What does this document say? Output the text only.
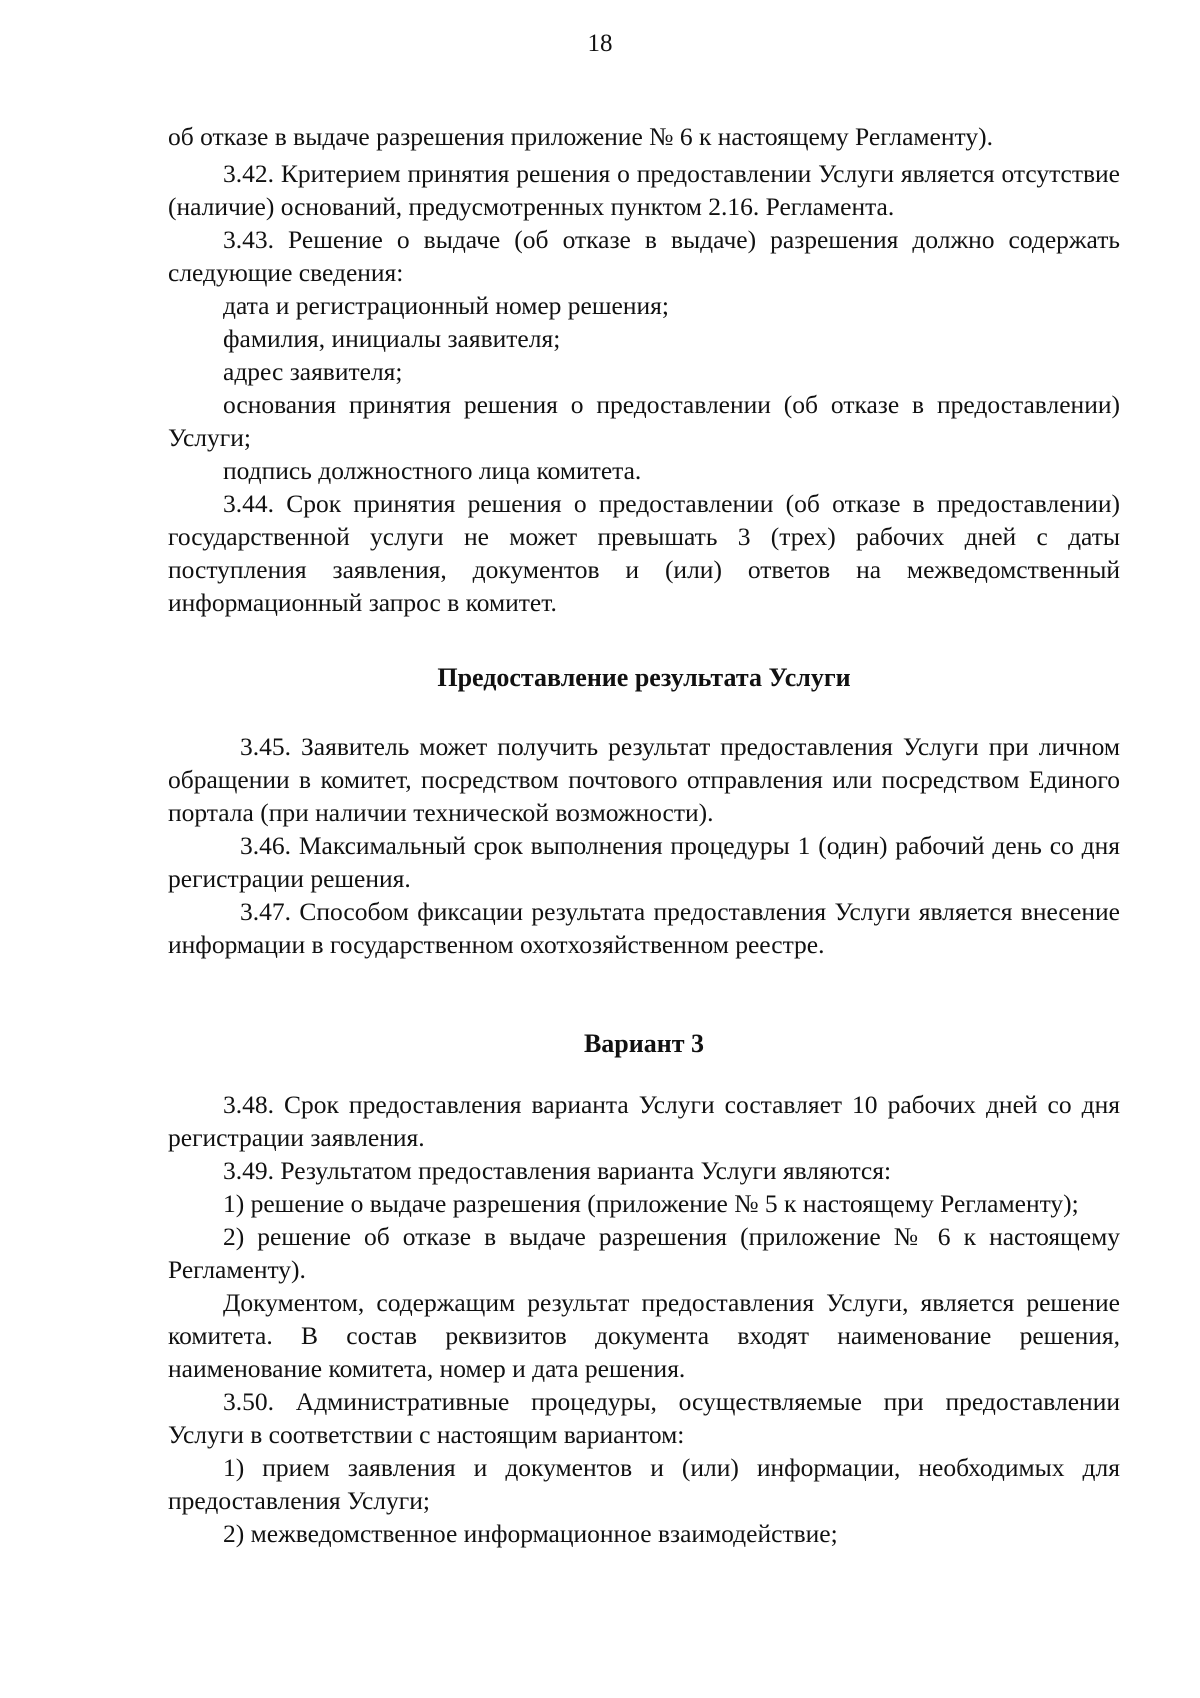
18

об отказе в выдаче разрешения приложение № 6 к настоящему Регламенту).

3.42. Критерием принятия решения о предоставлении Услуги является отсутствие (наличие) оснований, предусмотренных пунктом 2.16. Регламента.

3.43. Решение о выдаче (об отказе в выдаче) разрешения должно содержать следующие сведения:

дата и регистрационный номер решения;

фамилия, инициалы заявителя;

адрес заявителя;

основания принятия решения о предоставлении (об отказе в предоставлении) Услуги;

подпись должностного лица комитета.

3.44. Срок принятия решения о предоставлении (об отказе в предоставлении) государственной услуги не может превышать 3 (трех) рабочих дней с даты поступления заявления, документов и (или) ответов на межведомственный информационный запрос в комитет.

Предоставление результата Услуги

3.45. Заявитель может получить результат предоставления Услуги при личном обращении в комитет, посредством почтового отправления или посредством Единого портала (при наличии технической возможности).

3.46. Максимальный срок выполнения процедуры 1 (один) рабочий день со дня регистрации решения.

3.47. Способом фиксации результата предоставления Услуги является внесение информации в государственном охотхозяйственном реестре.

Вариант 3

3.48. Срок предоставления варианта Услуги составляет 10 рабочих дней со дня регистрации заявления.

3.49. Результатом предоставления варианта Услуги являются:

1) решение о выдаче разрешения (приложение № 5 к настоящему Регламенту);

2) решение об отказе в выдаче разрешения (приложение № 6 к настоящему Регламенту).

Документом, содержащим результат предоставления Услуги, является решение комитета. В состав реквизитов документа входят наименование решения, наименование комитета, номер и дата решения.

3.50. Административные процедуры, осуществляемые при предоставлении Услуги в соответствии с настоящим вариантом:

1) прием заявления и документов и (или) информации, необходимых для предоставления Услуги;

2) межведомственное информационное взаимодействие;
